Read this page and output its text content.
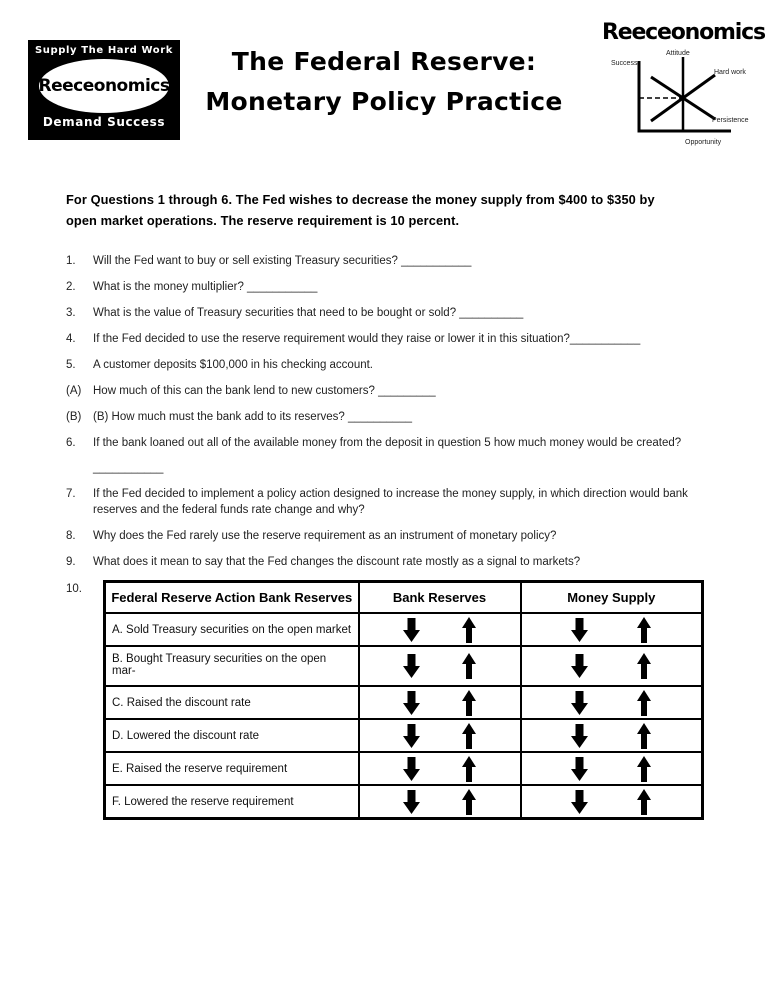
Supply The Hard Work
Reeceonomics
Demand Success
The Federal Reserve:
Monetary Policy Practice
Reeceonomics
Success
Attitude
Hard work
Persistence
Opportunity

For Questions 1 through 6. The Fed wishes to decrease the money supply from $400 to $350 by open market operations. The reserve requirement is 10 percent.

1.	Will the Fed want to buy or sell existing Treasury securities? ___________
2.	What is the money multiplier? ___________
3.	What is the value of Treasury securities that need to be bought or sold? __________
4.	If the Fed decided to use the reserve requirement would they raise or lower it in this situation?___________
5.	A customer deposits $100,000 in his checking account.
(A)	How much of this can the bank lend to new customers? _________
(B)	(B) How much must the bank add to its reserves? __________
6.	If the bank loaned out all of the available money from the deposit in question 5 how much money would be created?
___________
7.	If the Fed decided to implement a policy action designed to increase the money supply, in which direction would bank reserves and the federal funds rate change and why?
8.	Why does the Fed rarely use the reserve requirement as an instrument of monetary policy?
9.	What does it mean to say that the Fed changes the discount rate mostly as a signal to markets?
10.
Federal Reserve Action Bank Reserves	Bank Reserves	Money Supply
A. Sold Treasury securities on the open market	

B. Bought Treasury securities on the open mar-	

C. Raised the discount rate	

D. Lowered the discount rate	

E. Raised the reserve requirement	

F. Lowered the reserve requirement	
